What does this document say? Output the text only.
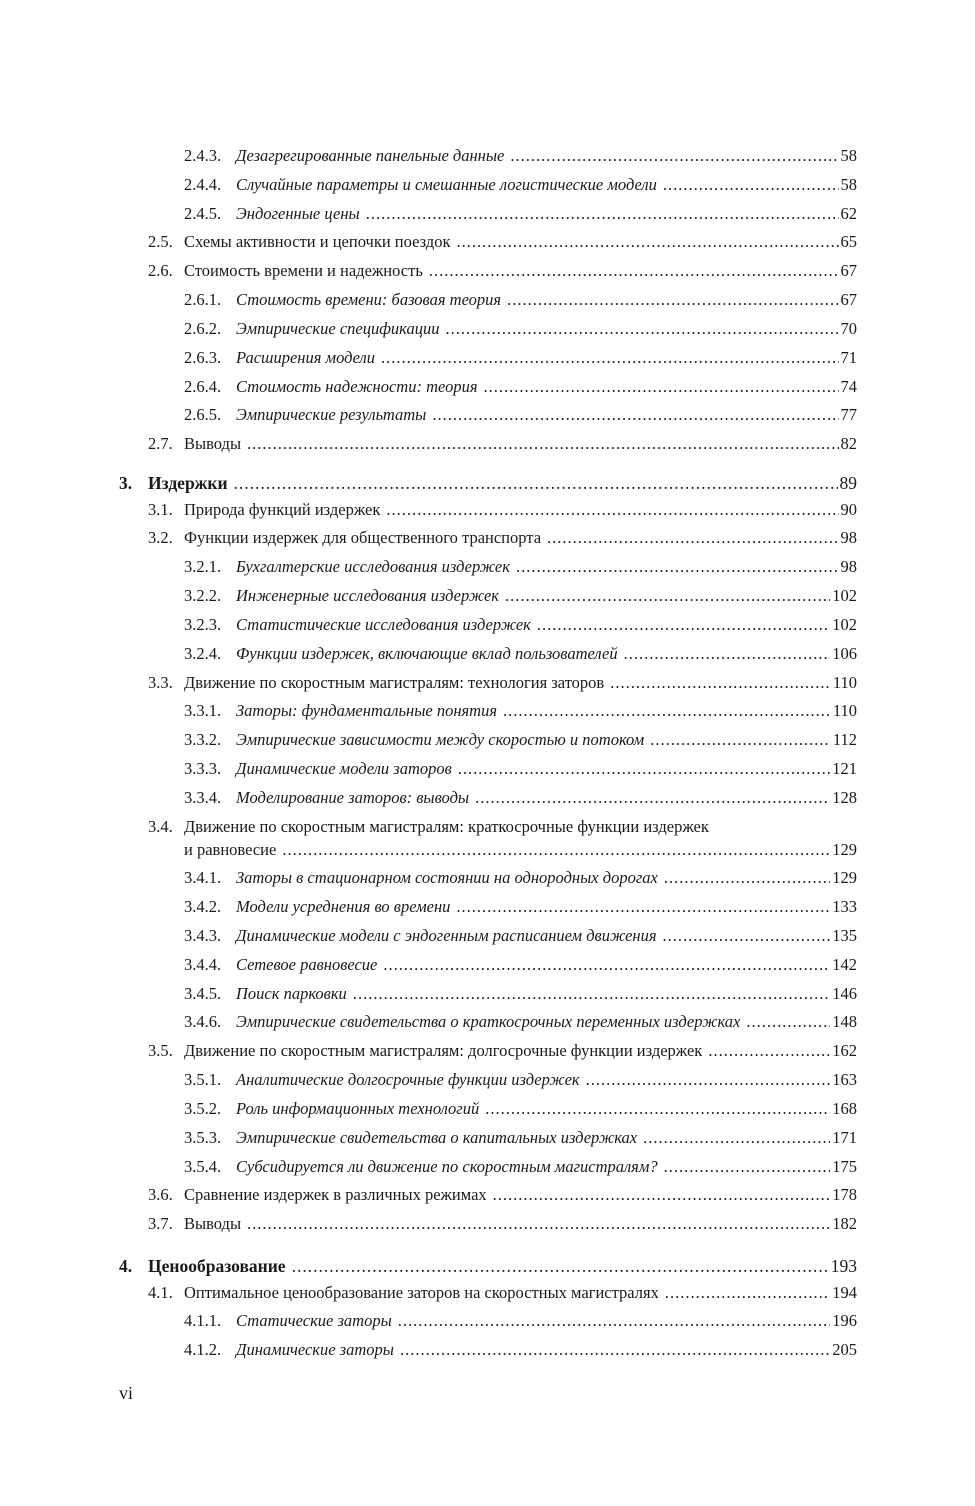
2.4.3. Дезагрегированные панельные данные .....	58
2.4.4. Случайные параметры и смешанные логистические модели .....	58
2.4.5. Эндогенные цены .....	62
2.5. Схемы активности и цепочки поездок .....	65
2.6. Стоимость времени и надежность .....	67
2.6.1. Стоимость времени: базовая теория .....	67
2.6.2. Эмпирические спецификации .....	70
2.6.3. Расширения модели .....	71
2.6.4. Стоимость надежности: теория .....	74
2.6.5. Эмпирические результаты .....	77
2.7. Выводы .....	82
3. Издержки .....	89
3.1. Природа функций издержек .....	90
3.2. Функции издержек для общественного транспорта .....	98
3.2.1. Бухгалтерские исследования издержек .....	98
3.2.2. Инженерные исследования издержек .....	102
3.2.3. Статистические исследования издержек .....	102
3.2.4. Функции издержек, включающие вклад пользователей .....	106
3.3. Движение по скоростным магистралям: технология заторов .....	110
3.3.1. Заторы: фундаментальные понятия .....	110
3.3.2. Эмпирические зависимости между скоростью и потоком .....	112
3.3.3. Динамические модели заторов .....	121
3.3.4. Моделирование заторов: выводы .....	128
3.4. Движение по скоростным магистралям: краткосрочные функции издержек
и равновесие .....	129
3.4.1. Заторы в стационарном состоянии на однородных дорогах .....	129
3.4.2. Модели усреднения во времени .....	133
3.4.3. Динамические модели с эндогенным расписанием движения .....	135
3.4.4. Сетевое равновесие .....	142
3.4.5. Поиск парковки .....	146
3.4.6. Эмпирические свидетельства о краткосрочных переменных издержках .....	148
3.5. Движение по скоростным магистралям: долгосрочные функции издержек .....	162
3.5.1. Аналитические долгосрочные функции издержек .....	163
3.5.2. Роль информационных технологий .....	168
3.5.3. Эмпирические свидетельства о капитальных издержках .....	171
3.5.4. Субсидируется ли движение по скоростным магистралям? .....	175
3.6. Сравнение издержек в различных режимах .....	178
3.7. Выводы .....	182
4. Ценообразование .....	193
4.1. Оптимальное ценообразование заторов на скоростных магистралях .....	194
4.1.1. Статические заторы .....	196
4.1.2. Динамические заторы .....	205
vi
